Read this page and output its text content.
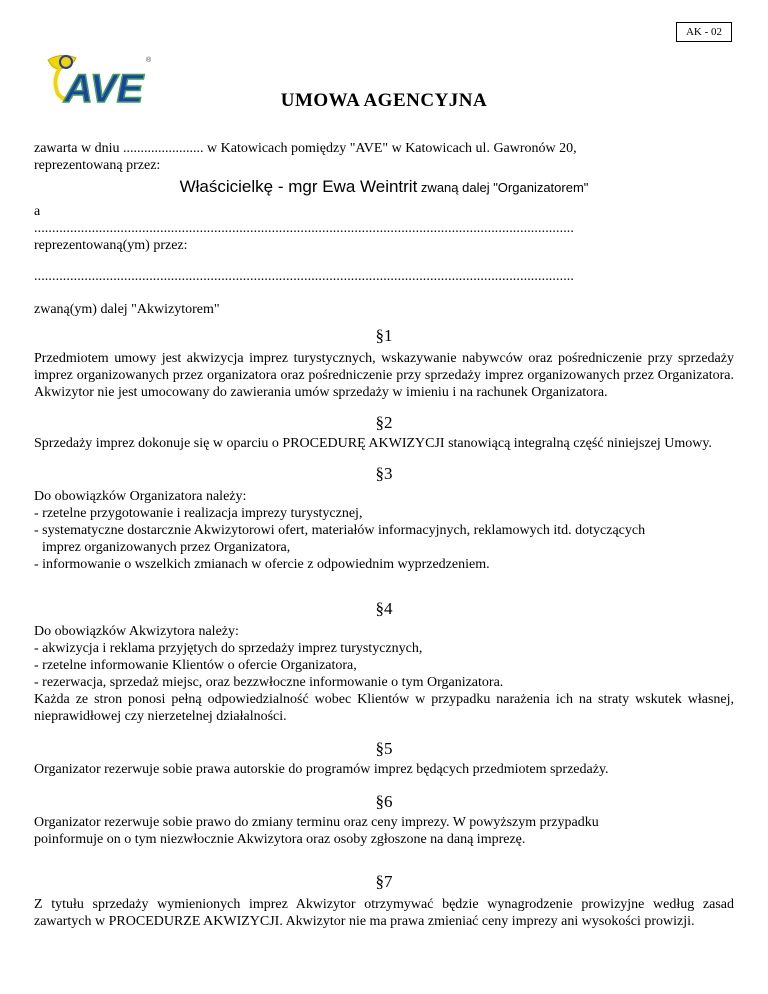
AK - 02
AVE
®
UMOWA AGENCYJNA

zawarta w dniu ....................... w Katowicach pomiędzy "AVE" w Katowicach ul. Gawronów 20,

reprezentowaną przez:

Właścicielkę - mgr Ewa Weintrit zwaną dalej "Organizatorem"

a

......................................................................................................................................................

reprezentowaną(ym) przez:

......................................................................................................................................................

zwaną(ym) dalej "Akwizytorem"

§1

Przedmiotem umowy jest akwizycja imprez turystycznych, wskazywanie nabywców oraz pośredniczenie przy sprzedaży imprez organizowanych przez organizatora oraz pośredniczenie przy sprzedaży imprez organizowanych przez Organizatora. Akwizytor nie jest umocowany do zawierania umów sprzedaży w imieniu i na rachunek Organizatora.

§2

Sprzedaży imprez dokonuje się w oparciu o PROCEDURĘ AKWIZYCJI stanowiącą integralną część niniejszej Umowy.

§3

Do obowiązków Organizatora należy:

- rzetelne przygotowanie i realizacja imprezy turystycznej,

- systematyczne dostarcznie Akwizytorowi ofert, materiałów informacyjnych, reklamowych itd. dotyczących

imprez organizowanych przez Organizatora,

- informowanie o wszelkich zmianach w ofercie z odpowiednim wyprzedzeniem.

§4

Do obowiązków Akwizytora należy:

- akwizycja i reklama przyjętych do sprzedaży imprez turystycznych,

- rzetelne informowanie Klientów o ofercie Organizatora,

- rezerwacja, sprzedaż miejsc, oraz bezzwłoczne informowanie o tym Organizatora.

Każda ze stron ponosi pełną odpowiedzialność wobec Klientów w przypadku narażenia ich na straty wskutek własnej, nieprawidłowej czy nierzetelnej działalności.

§5

Organizator rezerwuje sobie prawa autorskie do programów imprez będących przedmiotem sprzedaży.

§6

Organizator rezerwuje sobie prawo do zmiany terminu oraz ceny imprezy. W powyższym przypadku

poinformuje on o tym niezwłocznie Akwizytora oraz osoby zgłoszone na daną imprezę.

§7

Z tytułu sprzedaży wymienionych imprez Akwizytor otrzymywać będzie wynagrodzenie prowizyjne według zasad zawartych w PROCEDURZE AKWIZYCJI. Akwizytor nie ma prawa zmieniać ceny imprezy ani wysokości prowizji.
